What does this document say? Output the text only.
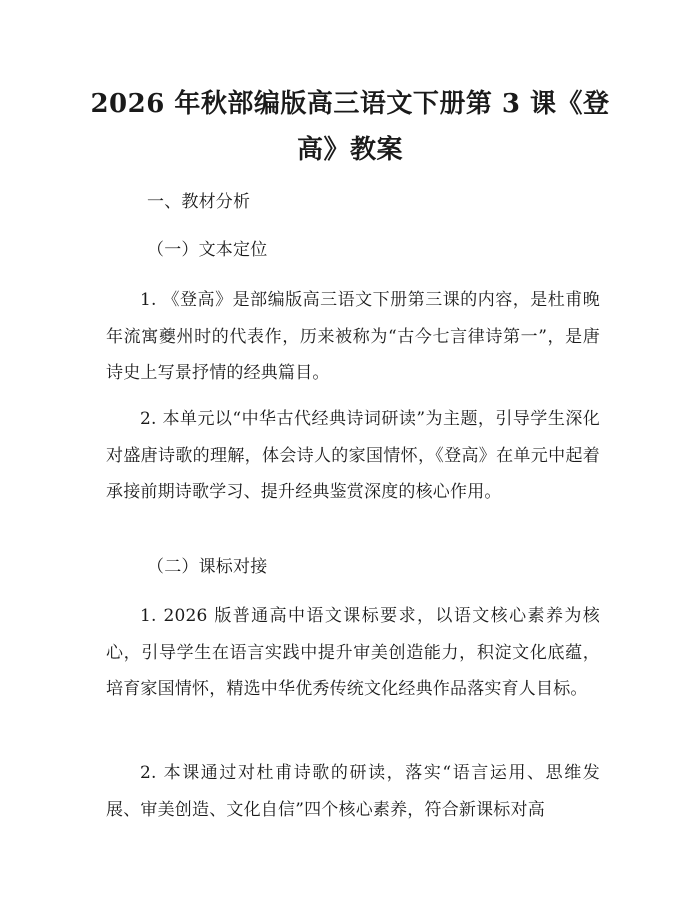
2026 年秋部编版高三语文下册第 3 课《登
高》教案
一、教材分析
（一）文本定位

1. 《登高》是部编版高三语文下册第三课的内容，是杜甫晚年流寓夔州时的代表作，历来被称为“古今七言律诗第一”，是唐诗史上写景抒情的经典篇目。

2. 本单元以“中华古代经典诗词研读”为主题，引导学生深化对盛唐诗歌的理解，体会诗人的家国情怀，《登高》在单元中起着承接前期诗歌学习、提升经典鉴赏深度的核心作用。

（二）课标对接

1. 2026 版普通高中语文课标要求，以语文核心素养为核心，引导学生在语言实践中提升审美创造能力，积淀文化底蕴，培育家国情怀，精选中华优秀传统文化经典作品落实育人目标。

2. 本课通过对杜甫诗歌的研读，落实“语言运用、思维发展、审美创造、文化自信”四个核心素养，符合新课标对高
